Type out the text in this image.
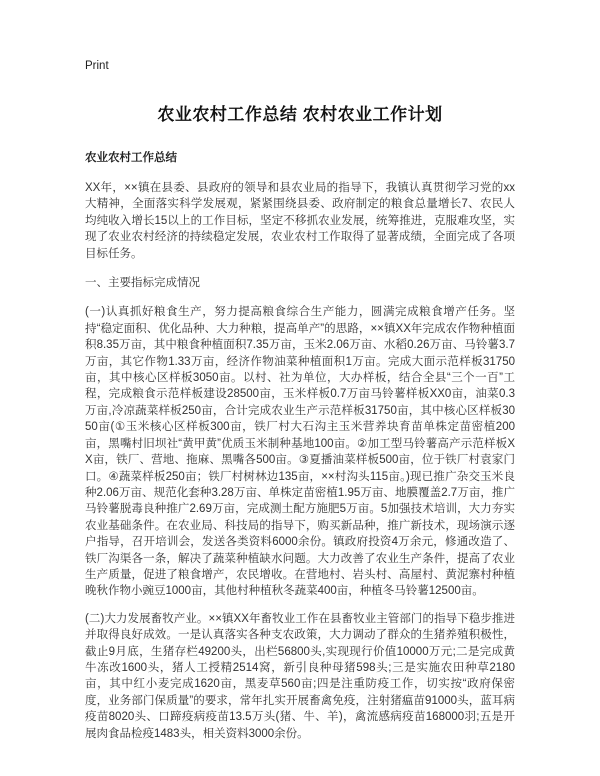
Print
农业农村工作总结 农村农业工作计划
农业农村工作总结

XX年，××镇在县委、县政府的领导和县农业局的指导下，我镇认真贯彻学习党的xx大精神，全面落实科学发展观，紧紧围绕县委、政府制定的粮食总量增长7、农民人均纯收入增长15以上的工作目标，坚定不移抓农业发展，统筹推进，克服难攻坚，实现了农业农村经济的持续稳定发展，农业农村工作取得了显著成绩，全面完成了各项目标任务。

一、主要指标完成情况

(一)认真抓好粮食生产，努力提高粮食综合生产能力，圆满完成粮食增产任务。坚持“稳定面积、优化品种、大力种粮，提高单产”的思路，××镇XX年完成农作物种植面积8.35万亩，其中粮食种植面积7.35万亩，玉米2.06万亩、水稻0.26万亩、马铃薯3.7万亩，其它作物1.33万亩，经济作物油菜种植面积1万亩。完成大面示范样板31750亩，其中核心区样板3050亩。以村、社为单位，大办样板，结合全县“三个一百”工程，完成粮食示范样板建设28500亩，玉米样板0.7万亩马铃薯样板XX0亩，油菜0.3万亩,冷凉蔬菜样板250亩，合计完成农业生产示范样板31750亩，其中核心区样板3050亩(①玉米核心区样板300亩，铁厂村大石沟主玉米营养块育苗单株定苗密植200亩，黑嘴村旧坝社“黄甲黄”优质玉米制种基地100亩。②加工型马铃薯高产示范样板XX亩，铁厂、营地、拖麻、黑嘴各500亩。③夏播油菜样板500亩，位于铁厂村袁家门口。④蔬菜样板250亩；铁厂村树林边135亩，××村沟头115亩。)现已推广杂交玉米良种2.06万亩、规范化套种3.28万亩、单株定苗密植1.95万亩、地膜覆盖2.7万亩，推广马铃薯脱毒良种推广2.69万亩，完成测土配方施肥5万亩。5加强技术培训，大力夯实农业基础条件。在农业局、科技局的指导下，购买新品种，推广新技术，现场演示逐户指导，召开培训会，发送各类资料6000余份。镇政府投资4万余元，修通改造了、铁厂沟渠各一条，解决了蔬菜种植缺水问题。大力改善了农业生产条件，提高了农业生产质量，促进了粮食增产，农民增收。在营地村、岩头村、高屋村、黄泥寨村种植晚秋作物小豌豆1000亩，其他村种植秋冬蔬菜400亩，种植冬马铃薯12500亩。

(二)大力发展畜牧产业。××镇XX年畜牧业工作在县畜牧业主管部门的指导下稳步推进并取得良好成效。一是认真落实各种支农政策，大力调动了群众的生猪养殖积极性，截止9月底，生猪存栏49200头，出栏56800头,实现现行价值10000万元;二是完成黄牛冻改1600头，猪人工授精2514窝，新引良种母猪598头;三是实施农田种草2180亩，其中红小麦完成1620亩，黑麦草560亩;四是注重防疫工作，切实按“政府保密度，业务部门保质量”的要求，常年扎实开展畜禽免疫，注射猪瘟苗91000头，蓝耳病疫苗8020头、口蹄疫病疫苗13.5万头(猪、牛、羊)，禽流感病疫苗168000羽;五是开展肉食品检疫1483头，相关资料3000余份。
